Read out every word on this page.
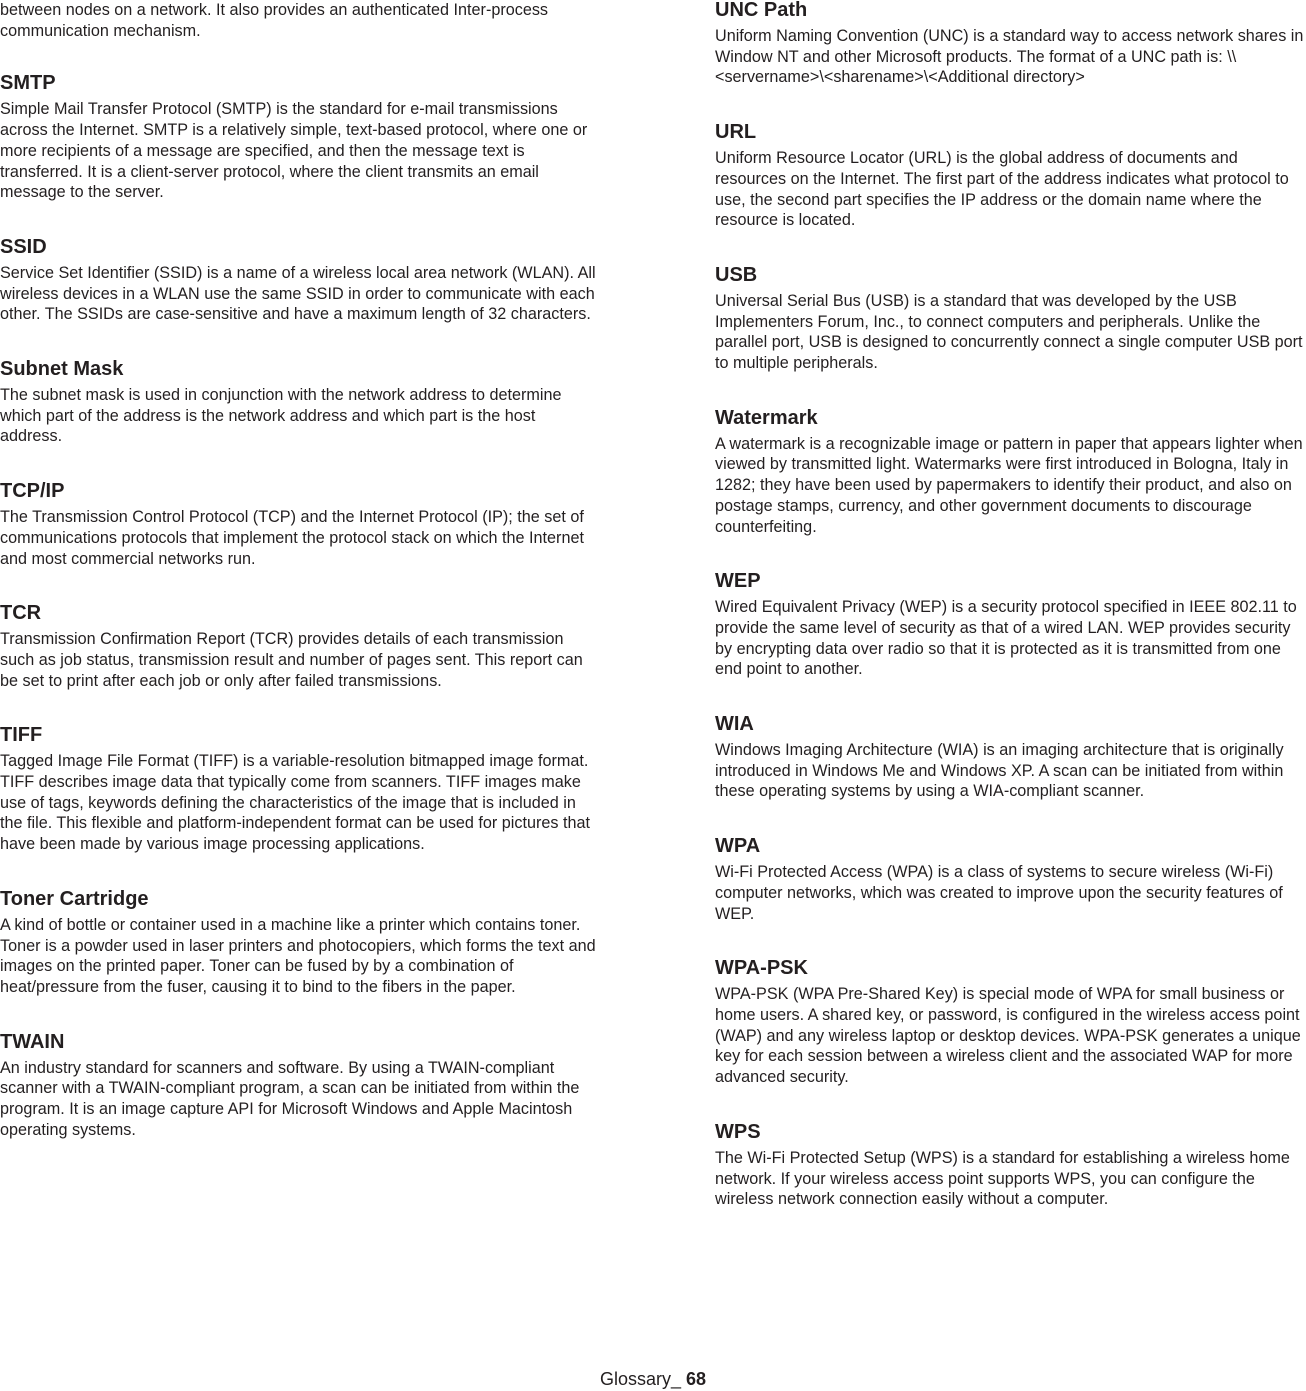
between nodes on a network. It also provides an authenticated Inter-process communication mechanism.

SMTP

Simple Mail Transfer Protocol (SMTP) is the standard for e-mail transmissions across the Internet. SMTP is a relatively simple, text-based protocol, where one or more recipients of a message are specified, and then the message text is transferred. It is a client-server protocol, where the client transmits an email message to the server.

SSID

Service Set Identifier (SSID) is a name of a wireless local area network (WLAN). All wireless devices in a WLAN use the same SSID in order to communicate with each other. The SSIDs are case-sensitive and have a maximum length of 32 characters.

Subnet Mask

The subnet mask is used in conjunction with the network address to determine which part of the address is the network address and which part is the host address.

TCP/IP

The Transmission Control Protocol (TCP) and the Internet Protocol (IP); the set of communications protocols that implement the protocol stack on which the Internet and most commercial networks run.

TCR

Transmission Confirmation Report (TCR) provides details of each transmission such as job status, transmission result and number of pages sent. This report can be set to print after each job or only after failed transmissions.

TIFF

Tagged Image File Format (TIFF) is a variable-resolution bitmapped image format. TIFF describes image data that typically come from scanners. TIFF images make use of tags, keywords defining the characteristics of the image that is included in the file. This flexible and platform-independent format can be used for pictures that have been made by various image processing applications.

Toner Cartridge

A kind of bottle or container used in a machine like a printer which contains toner. Toner is a powder used in laser printers and photocopiers, which forms the text and images on the printed paper. Toner can be fused by by a combination of heat/pressure from the fuser, causing it to bind to the fibers in the paper.

TWAIN

An industry standard for scanners and software. By using a TWAIN-compliant scanner with a TWAIN-compliant program, a scan can be initiated from within the program. It is an image capture API for Microsoft Windows and Apple Macintosh operating systems.

UNC Path

Uniform Naming Convention (UNC) is a standard way to access network shares in Window NT and other Microsoft products. The format of a UNC path is: \\<servername>\<sharename>\<Additional directory>

URL

Uniform Resource Locator (URL) is the global address of documents and resources on the Internet. The first part of the address indicates what protocol to use, the second part specifies the IP address or the domain name where the resource is located.

USB

Universal Serial Bus (USB) is a standard that was developed by the USB Implementers Forum, Inc., to connect computers and peripherals. Unlike the parallel port, USB is designed to concurrently connect a single computer USB port to multiple peripherals.

Watermark

A watermark is a recognizable image or pattern in paper that appears lighter when viewed by transmitted light. Watermarks were first introduced in Bologna, Italy in 1282; they have been used by papermakers to identify their product, and also on postage stamps, currency, and other government documents to discourage counterfeiting.

WEP

Wired Equivalent Privacy (WEP) is a security protocol specified in IEEE 802.11 to provide the same level of security as that of a wired LAN. WEP provides security by encrypting data over radio so that it is protected as it is transmitted from one end point to another.

WIA

Windows Imaging Architecture (WIA) is an imaging architecture that is originally introduced in Windows Me and Windows XP. A scan can be initiated from within these operating systems by using a WIA-compliant scanner.

WPA

Wi-Fi Protected Access (WPA) is a class of systems to secure wireless (Wi-Fi) computer networks, which was created to improve upon the security features of WEP.

WPA-PSK

WPA-PSK (WPA Pre-Shared Key) is special mode of WPA for small business or home users. A shared key, or password, is configured in the wireless access point (WAP) and any wireless laptop or desktop devices. WPA-PSK generates a unique key for each session between a wireless client and the associated WAP for more advanced security.

WPS

The Wi-Fi Protected Setup (WPS) is a standard for establishing a wireless home network. If your wireless access point supports WPS, you can configure the wireless network connection easily without a computer.

Glossary_ 68
